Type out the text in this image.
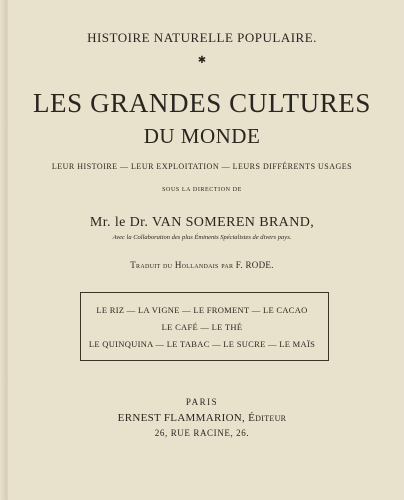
HISTOIRE NATURELLE POPULAIRE.
✱
LES GRANDES CULTURES
DU MONDE
LEUR HISTOIRE — LEUR EXPLOITATION — LEURS DIFFÉRENTS USAGES
SOUS LA DIRECTION DE
Mr. le Dr. VAN SOMEREN BRAND,
Avec la Collaboration des plus Éminents Spécialistes de divers pays.
Traduit du Hollandais par F. RODE.
LE RIZ — LA VIGNE — LE FROMENT — LE CACAO
LE CAFÉ — LE THÉ
LE QUINQUINA — LE TABAC — LE SUCRE — LE MAÏS
PARIS
ERNEST FLAMMARION, Éditeur
26, RUE RACINE, 26.
